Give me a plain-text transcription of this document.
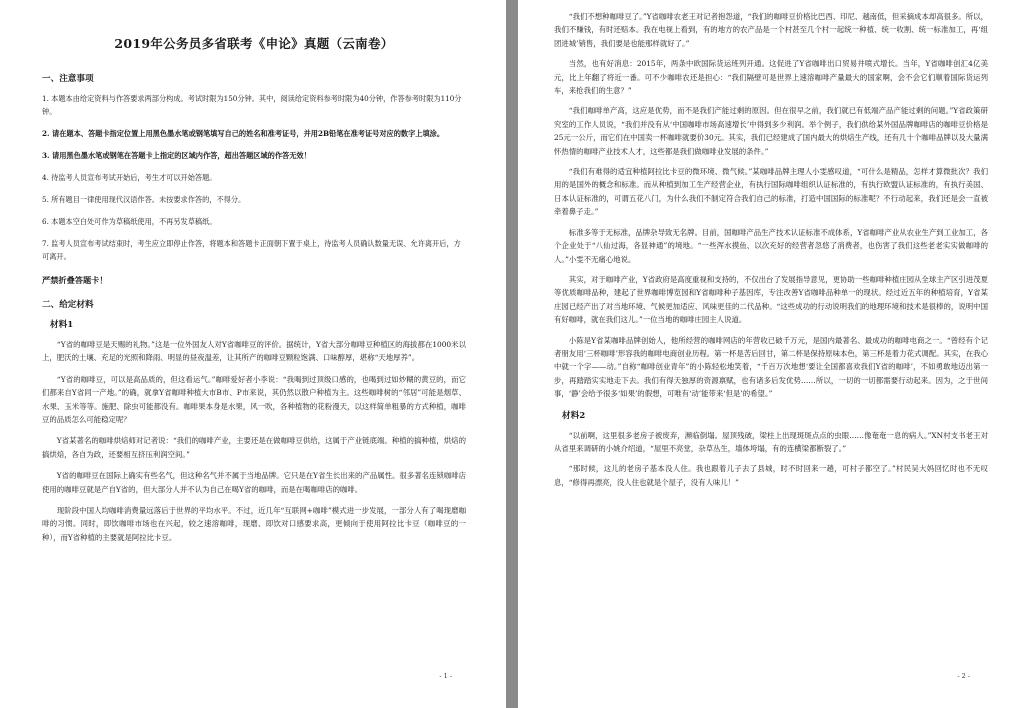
2019年公务员多省联考《申论》真题（云南卷）
一、注意事项

1. 本题本由给定资料与作答要求两部分构成。考试时限为150分钟。其中，阅读给定资料参考时限为40分钟，作答参考时限为110分钟。

2. 请在题本、答题卡指定位置上用黑色墨水笔或钢笔填写自己的姓名和准考证号，并用2B铅笔在准考证号对应的数字上填涂。

3. 请用黑色墨水笔或钢笔在答题卡上指定的区域内作答，超出答题区域的作答无效！

4. 待监考人员宣布考试开始后，考生才可以开始答题。

5. 所有题目一律使用现代汉语作答。未按要求作答的，不得分。

6. 本题本空白处可作为草稿纸使用，不再另发草稿纸。

7. 监考人员宣布考试结束时，考生应立即停止作答，将题本和答题卡正面朝下置于桌上，待监考人员确认数量无误、允许离开后，方可离开。

严禁折叠答题卡！
二、给定材料
材料1

“Y省的咖啡豆是天赐的礼物。”这是一位外国友人对Y省咖啡豆的评价。据统计，Y省大部分咖啡豆种植区的海拔都在1000米以上，肥沃的土壤、充足的光照和降雨、明显的昼夜温差，让其所产的咖啡豆颗粒饱满、口味醇厚，堪称“天地厚养”。

“Y省的咖啡豆，可以是高品质的，但这看运气。”咖啡爱好者小李说：“我喝到过顶级口感的，也喝到过如炒糊的黄豆的，而它们都来自Y省同一产地。”的确，就拿Y省咖啡种植大市B市、P市来说，其仍然以散户种植为主。这些咖啡树的“邻居”可能是烟草、水果、玉米等等。施肥、除虫可能都没有。咖啡果本身是水果，风一吹，各种植物的花粉漫天，以这样简单粗暴的方式种植，咖啡豆的品质怎么可能稳定呢？

Y省某著名的咖啡烘焙师对记者说：“我们的咖啡产业，主要还是在做咖啡豆供给，这属于产业链底端。种植的搞种植，烘焙的搞烘焙，各自为政，还要相互挤压利润空间。”

Y省的咖啡豆在国际上确实有些名气，但这种名气并不属于当地品牌。它只是在Y省生长出来的产品属性。很多著名连锁咖啡店使用的咖啡豆就是产自Y省的，但大部分人并不认为自己在喝Y省的咖啡，而是在喝咖啡店的咖啡。

现阶段中国人均咖啡消费量远落后于世界的平均水平。不过，近几年“互联网+咖啡”模式进一步发展，一部分人有了喝现磨咖啡的习惯。同时，即饮咖啡市场也在兴起，较之速溶咖啡，现磨、即饮对口感要求高，更倾向于使用阿拉比卡豆（咖啡豆的一种），而Y省种植的主要就是阿拉比卡豆。

- 1 -

“我们不想种咖啡豆了。”Y省咖啡农老王对记者抱怨道，“我们的咖啡豆价格比巴西、印尼、越南低，但采摘成本却高很多。所以，我们不赚钱，有时还赔本。我在电视上看到，有的地方的农产品是一个村甚至几个村一起统一种植、统一收割、统一标准加工，再‘组团进城’销售，我们要是也能那样就好了。”

当然，也有好消息：2015年，两条中欧国际货运班列开通。这促进了Y省咖啡出口贸易井喷式增长。当年，Y省咖啡创汇4亿美元，比上年翻了将近一番。可不少咖啡农还是担心：“我们隔壁可是世界上速溶咖啡产量最大的国家啊，会不会它们顺着国际货运列车，来抢我们的生意？”

“我们咖啡单产高，这应是优势，而不是我们产能过剩的原因。但在很早之前，我们就已有低端产品产能过剩的问题。”Y省政策研究室的工作人员说，“我们并没有从‘中国咖啡市场高速增长’中得到多少利润。举个例子，我们供给某外国品牌咖啡店的咖啡豆价格是25元一公斤，而它们在中国卖一杯咖啡就要价30元。其实，我们已经建成了国内最大的烘焙生产线，还有几十个咖啡品牌以及大量满怀热情的咖啡产业技术人才，这些都是我们做咖啡业发展的条件。”

“我们有难得的适宜种植阿拉比卡豆的微环境、微气候。”某咖啡品牌主理人小雯感叹道，“可什么是精品，怎样才算微批次？我们用的是国外的概念和标准。而从种植到加工生产经营企业，有执行国际咖啡组织认证标准的，有执行欧盟认证标准的，有执行美国、日本认证标准的，可谓五花八门，为什么我们不制定符合我们自己的标准，打造中国国际的标准呢？不行动起来，我们还是会一直被牵着鼻子走。”

标准多等于无标准，品牌杂导致无名牌。目前，国咖啡产品生产技术认证标准不成体系，Y省咖啡产业从农业生产到工业加工，各个企业处于“八仙过海，各显神通”的境地。“一些浑水摸鱼、以次充好的经营者忽悠了消费者，也伤害了我们这些老老实实做咖啡的人。”小雯不无痛心地说。

其实，对于咖啡产业，Y省政府是高度重视和支持的，不仅出台了发展指导意见，更协助一些咖啡种植庄园从全球主产区引进茂夏等优质咖啡品种，建起了世界咖啡博览园和Y省咖啡种子基因库，专注改善Y省咖啡品种单一的现状。经过近五年的种植培育，Y省某庄园已经产出了对当地环境、气候更加适应、风味更佳的二代品种。“这些成功的行动说明我们的地理环境和技术是很棒的，说明中国有好咖啡，就在我们这儿。”一位当地的咖啡庄园主人说道。

小陈是Y省某咖啡品牌创始人，他所经营的咖啡网店的年营收已破千万元，是国内最著名、最成功的咖啡电商之一。“曾经有个记者朋友用‘三杯咖啡’形容我的咖啡电商创业历程。第一杯是苦后回甘，第二杯是保持原味本色，第三杯是着力花式调配。其实，在我心中就一个字——动。”自称“咖啡创业青年”的小陈轻松地笑着，“千百万次地想‘要让全国都喜欢我们Y省的咖啡’，不如勇敢地迈出第一步，再踏踏实实地走下去。我们有得天独厚的资源禀赋，也有诸多后发优势……所以，一切的一切都需要行动起来。因为，之于世间事，‘静’会给予很多‘如果’的假想，可唯有‘动’能带来‘但是’的希望。”

材料2

“以前啊，这里很多老房子被废弃，濒临倒塌。屋顶残破，梁柱上出现斑斑点点的虫眼……像奄奄一息的病人。”XN村支书老王对从省里来调研的小姚介绍道，“屋里不亮堂，杂草丛生，墙体垮塌，有的连横梁都断裂了。”

“那时候，这儿的老房子基本没人住。我也跟着儿子去了县城，时不时回来一趟，可村子都空了。”村民吴大妈回忆时也不无叹息，“修得再漂亮，没人住也就是个屋子，没有人味儿！”

- 2 -
